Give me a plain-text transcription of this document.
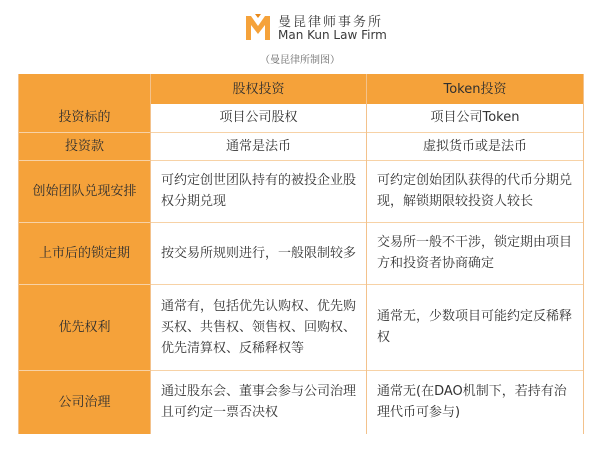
曼昆律师事务所
Man Kun Law Firm
（曼昆律所制图）
	股权投资	Token投资
投资标的	项目公司股权	项目公司Token
投资款	通常是法币	虚拟货币或是法币
创始团队兑现安排	可约定创世团队持有的被投企业股权分期兑现	可约定创始团队获得的代币分期兑现，解锁期限较投资人较长
上市后的锁定期	按交易所规则进行，一般限制较多	交易所一般不干涉，锁定期由项目方和投资者协商确定
优先权利	通常有，包括优先认购权、优先购买权、共售权、领售权、回购权、优先清算权、反稀释权等	通常无，少数项目可能约定反稀释权
公司治理	通过股东会、董事会参与公司治理且可约定一票否决权	通常无(在DAO机制下，若持有治理代币可参与)
